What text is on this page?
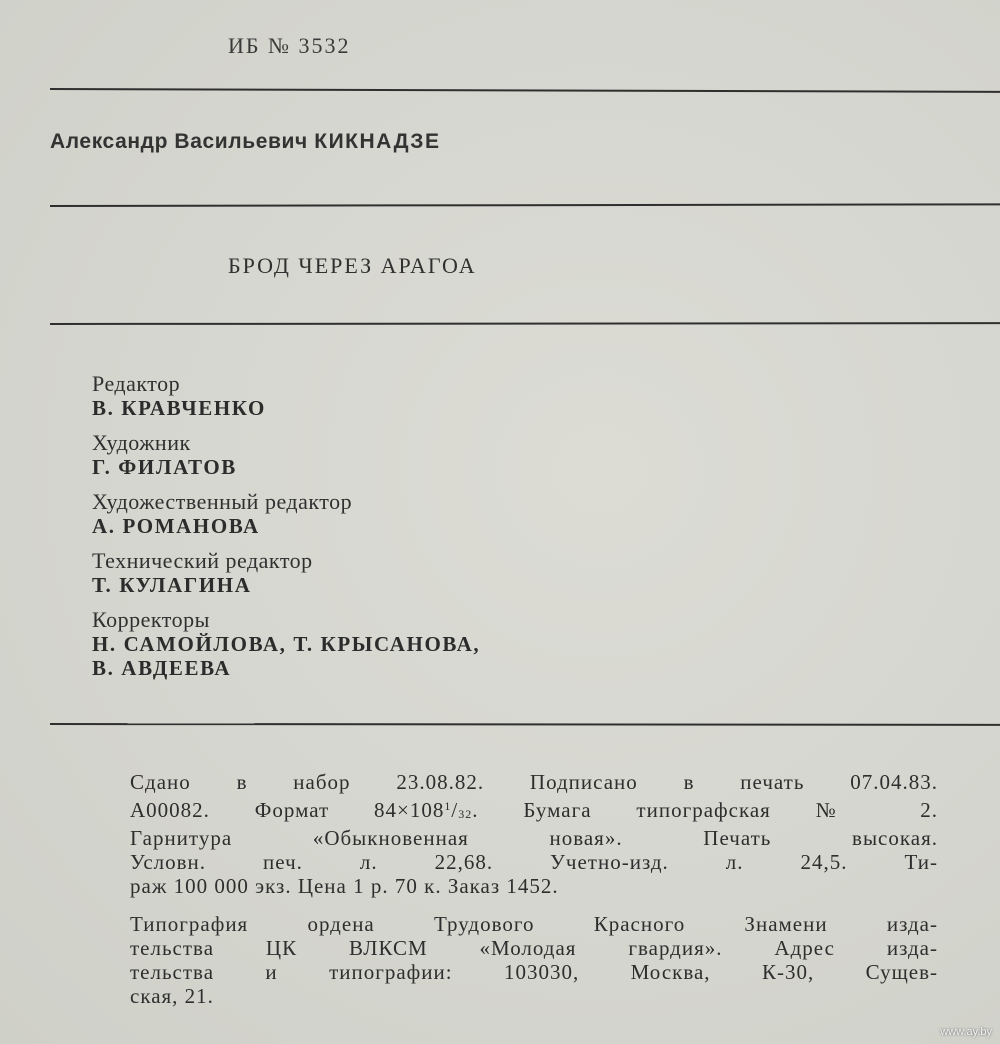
ИБ № 3532
Александр Васильевич КИКНАДЗЕ
БРОД ЧЕРЕЗ АРАГОА
Редактор
В. КРАВЧЕНКО
Художник
Г. ФИЛАТОВ
Художественный редактор
А. РОМАНОВА
Технический редактор
Т. КУЛАГИНА
Корректоры
Н. САМОЙЛОВА, Т. КРЫСАНОВА,
В. АВДЕЕВА
Сдано в набор 23.08.82. Подписано в печать 07.04.83.
А00082. Формат $84\times 108^1/32$. Бумага типографская № 2.
Гарнитура «Обыкновенная новая». Печать высокая.
Условн. печ. л. 22,68. Учетно-изд. л. 24,5. Ти-
раж 100 000 экз. Цена 1 р. 70 к. Заказ 1452.
Типография ордена Трудового Красного Знамени изда-
тельства ЦК ВЛКСМ «Молодая гвардия». Адрес изда-
тельства и типографии: 103030, Москва, К-30, Сущев-
ская, 21.
www.ay.by
